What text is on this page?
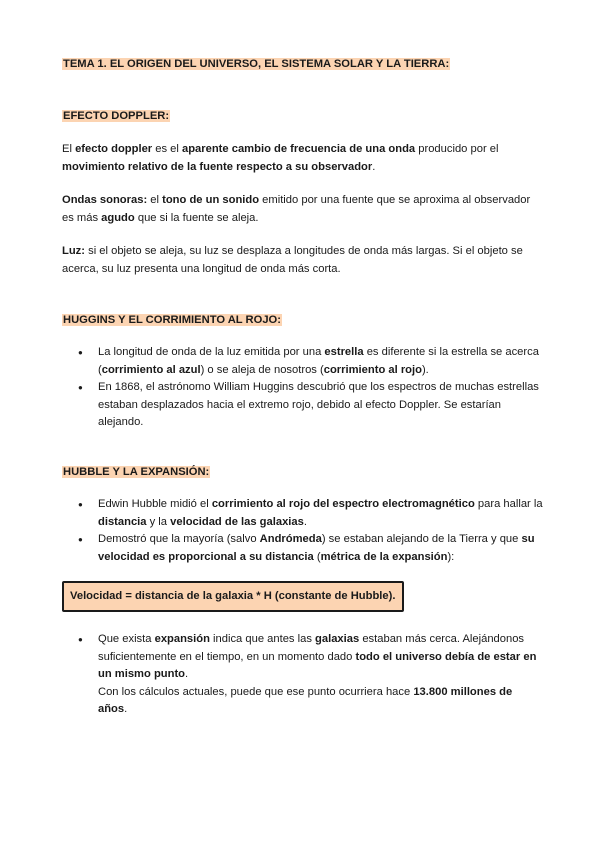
TEMA 1. EL ORIGEN DEL UNIVERSO, EL SISTEMA SOLAR Y LA TIERRA:
EFECTO DOPPLER:

El efecto doppler es el aparente cambio de frecuencia de una onda producido por el movimiento relativo de la fuente respecto a su observador.

Ondas sonoras: el tono de un sonido emitido por una fuente que se aproxima al observador es más agudo que si la fuente se aleja.

Luz: si el objeto se aleja, su luz se desplaza a longitudes de onda más largas. Si el objeto se acerca, su luz presenta una longitud de onda más corta.

HUGGINS Y EL CORRIMIENTO AL ROJO:
● La longitud de onda de la luz emitida por una estrella es diferente si la estrella se acerca (corrimiento al azul) o se aleja de nosotros (corrimiento al rojo).
● En 1868, el astrónomo William Huggins descubrió que los espectros de muchas estrellas estaban desplazados hacia el extremo rojo, debido al efecto Doppler. Se estarían alejando.
HUBBLE Y LA EXPANSIÓN:
● Edwin Hubble midió el corrimiento al rojo del espectro electromagnético para hallar la distancia y la velocidad de las galaxias.
● Demostró que la mayoría (salvo Andrómeda) se estaban alejando de la Tierra y que su velocidad es proporcional a su distancia (métrica de la expansión):
● Que exista expansión indica que antes las galaxias estaban más cerca. Alejándonos suficientemente en el tiempo, en un momento dado todo el universo debía de estar en un mismo punto.
Con los cálculos actuales, puede que ese punto ocurriera hace 13.800 millones de años.
Velocidad = distancia de la galaxia * H (constante de Hubble).
